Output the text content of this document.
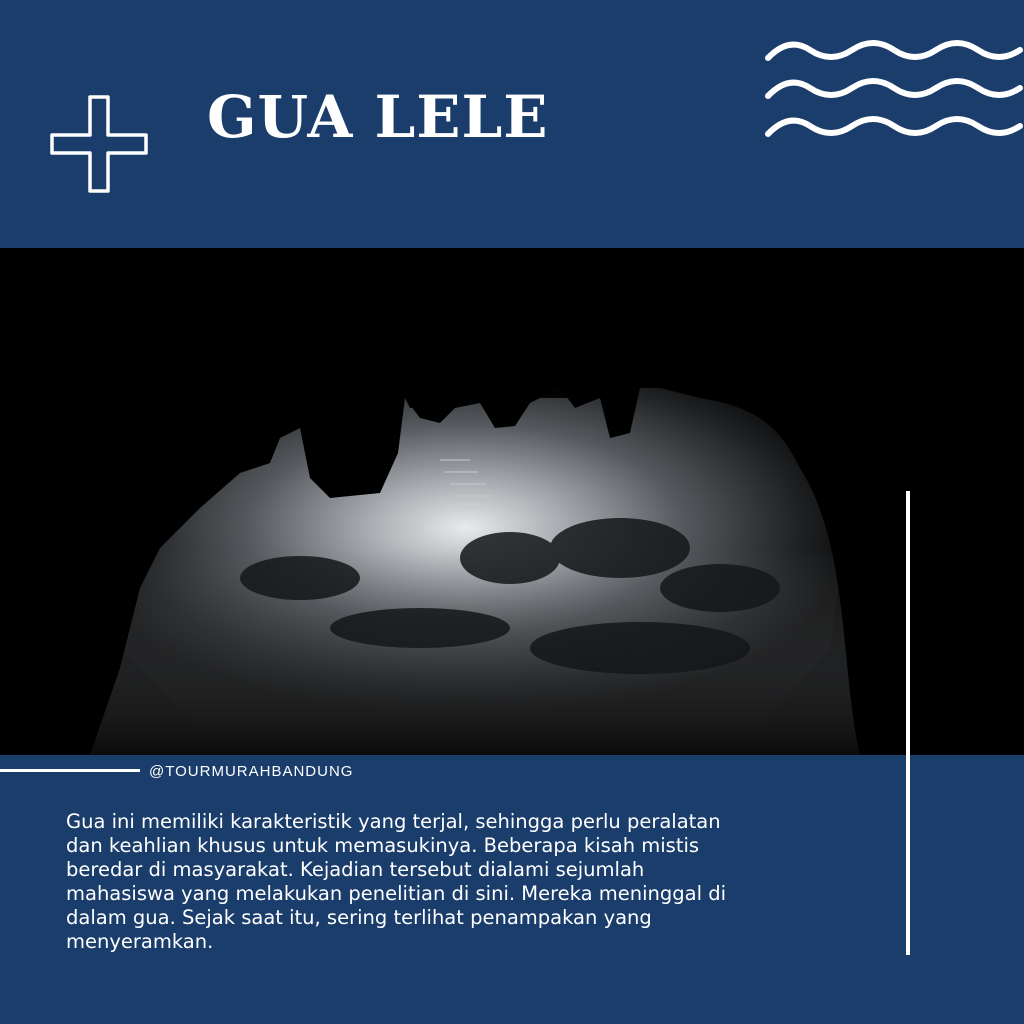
GUA LELE
@TOURMURAHBANDUNG
Gua ini memiliki karakteristik yang terjal, sehingga perlu peralatan
dan keahlian khusus untuk memasukinya. Beberapa kisah mistis
beredar di masyarakat. Kejadian tersebut dialami sejumlah
mahasiswa yang melakukan penelitian di sini. Mereka meninggal di
dalam gua. Sejak saat itu, sering terlihat penampakan yang
menyeramkan.
